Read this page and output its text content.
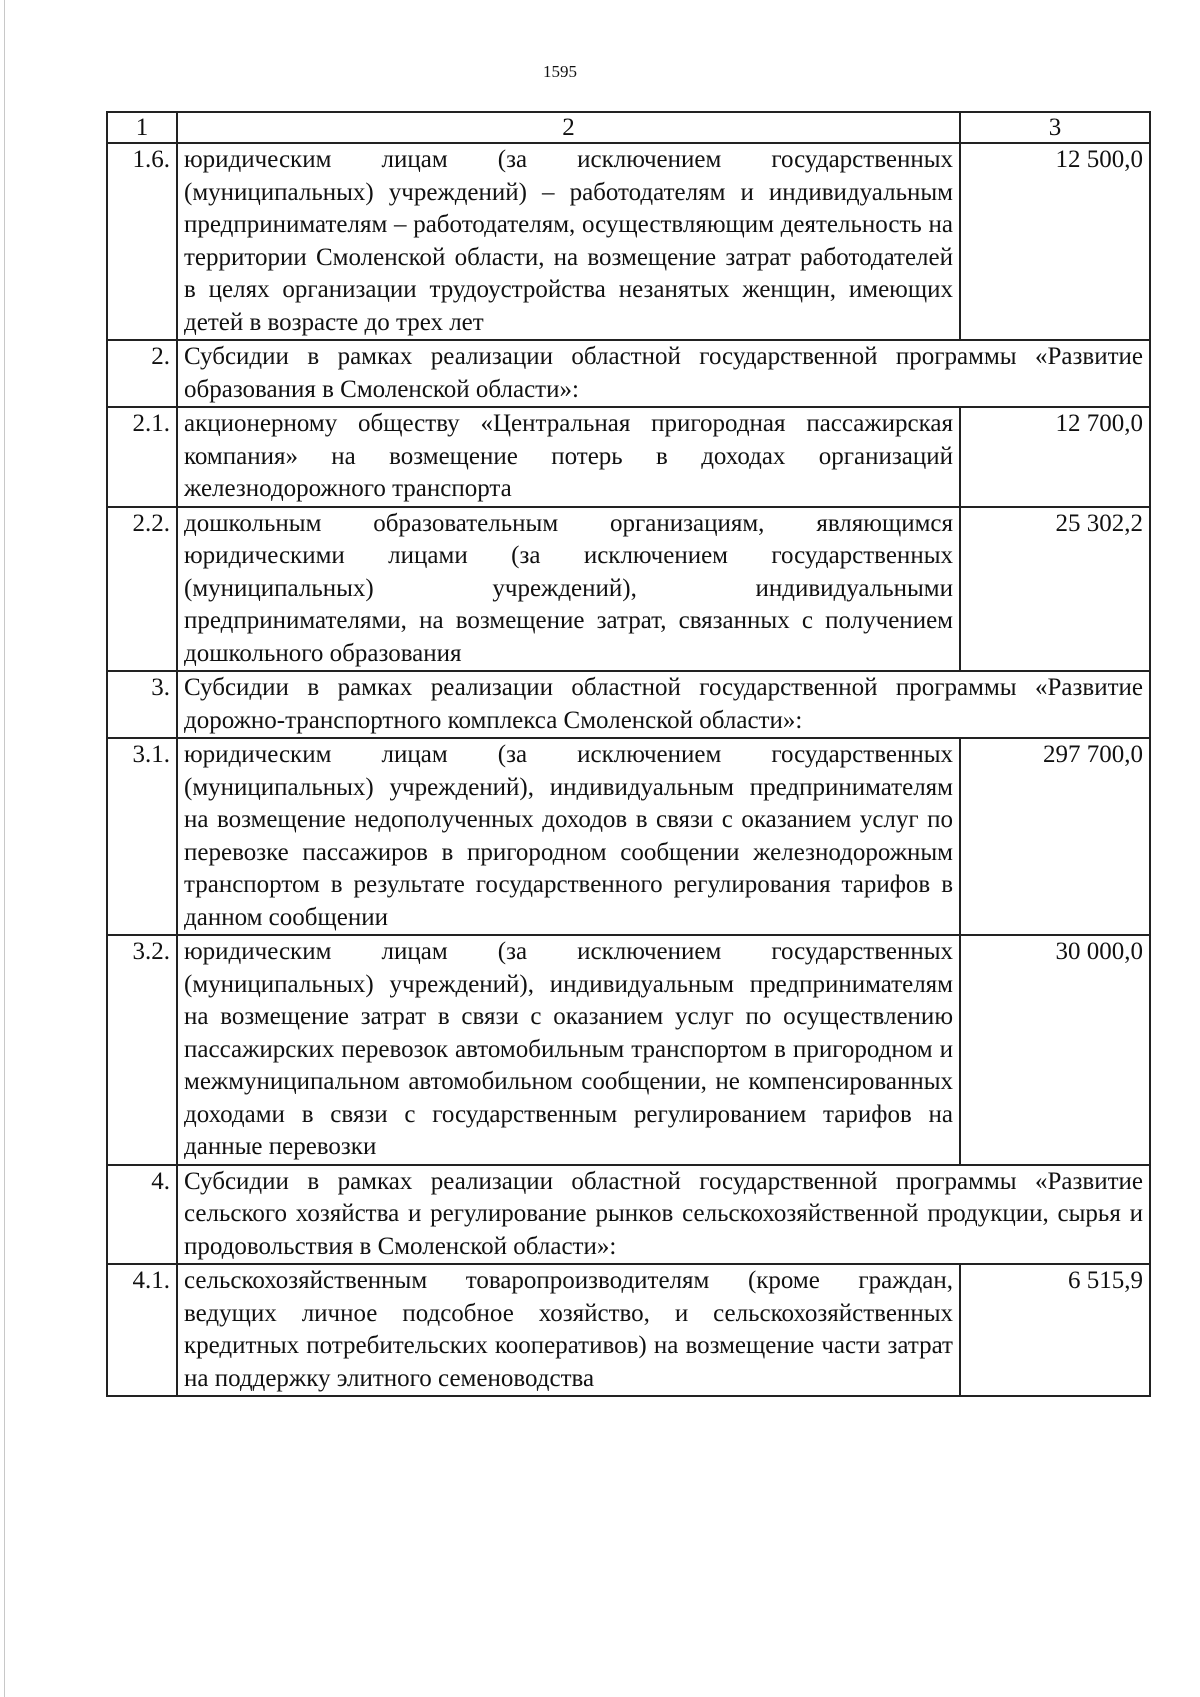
1595
1	2	3
1.6.	юридическим лицам (за исключением государственных (муниципальных) учреждений) – работодателям и индивидуальным предпринимателям – работодателям, осуществляющим деятельность на территории Смоленской области, на возмещение затрат работодателей в целях организации трудоустройства незанятых женщин, имеющих детей в возрасте до трех лет	12 500,0
2.	Субсидии в рамках реализации областной государственной программы «Развитие образования в Смоленской области»:	
2.1.	акционерному обществу «Центральная пригородная пассажирская компания» на возмещение потерь в доходах организаций железнодорожного транспорта	12 700,0
2.2.	дошкольным образовательным организациям, являющимся юридическими лицами (за исключением государственных (муниципальных) учреждений), индивидуальными предпринимателями, на возмещение затрат, связанных с получением дошкольного образования	25 302,2
3.	Субсидии в рамках реализации областной государственной программы «Развитие дорожно-транспортного комплекса Смоленской области»:	
3.1.	юридическим лицам (за исключением государственных (муниципальных) учреждений), индивидуальным предпринимателям на возмещение недополученных доходов в связи с оказанием услуг по перевозке пассажиров в пригородном сообщении железнодорожным транспортом в результате государственного регулирования тарифов в данном сообщении	297 700,0
3.2.	юридическим лицам (за исключением государственных (муниципальных) учреждений), индивидуальным предпринимателям на возмещение затрат в связи с оказанием услуг по осуществлению пассажирских перевозок автомобильным транспортом в пригородном и межмуниципальном автомобильном сообщении, не компенсированных доходами в связи с государственным регулированием тарифов на данные перевозки	30 000,0
4.	Субсидии в рамках реализации областной государственной программы «Развитие сельского хозяйства и регулирование рынков сельскохозяйственной продукции, сырья и продовольствия в Смоленской области»:	
4.1.	сельскохозяйственным товаропроизводителям (кроме граждан, ведущих личное подсобное хозяйство, и сельскохозяйственных кредитных потребительских кооперативов) на возмещение части затрат на поддержку элитного семеноводства	6 515,9
